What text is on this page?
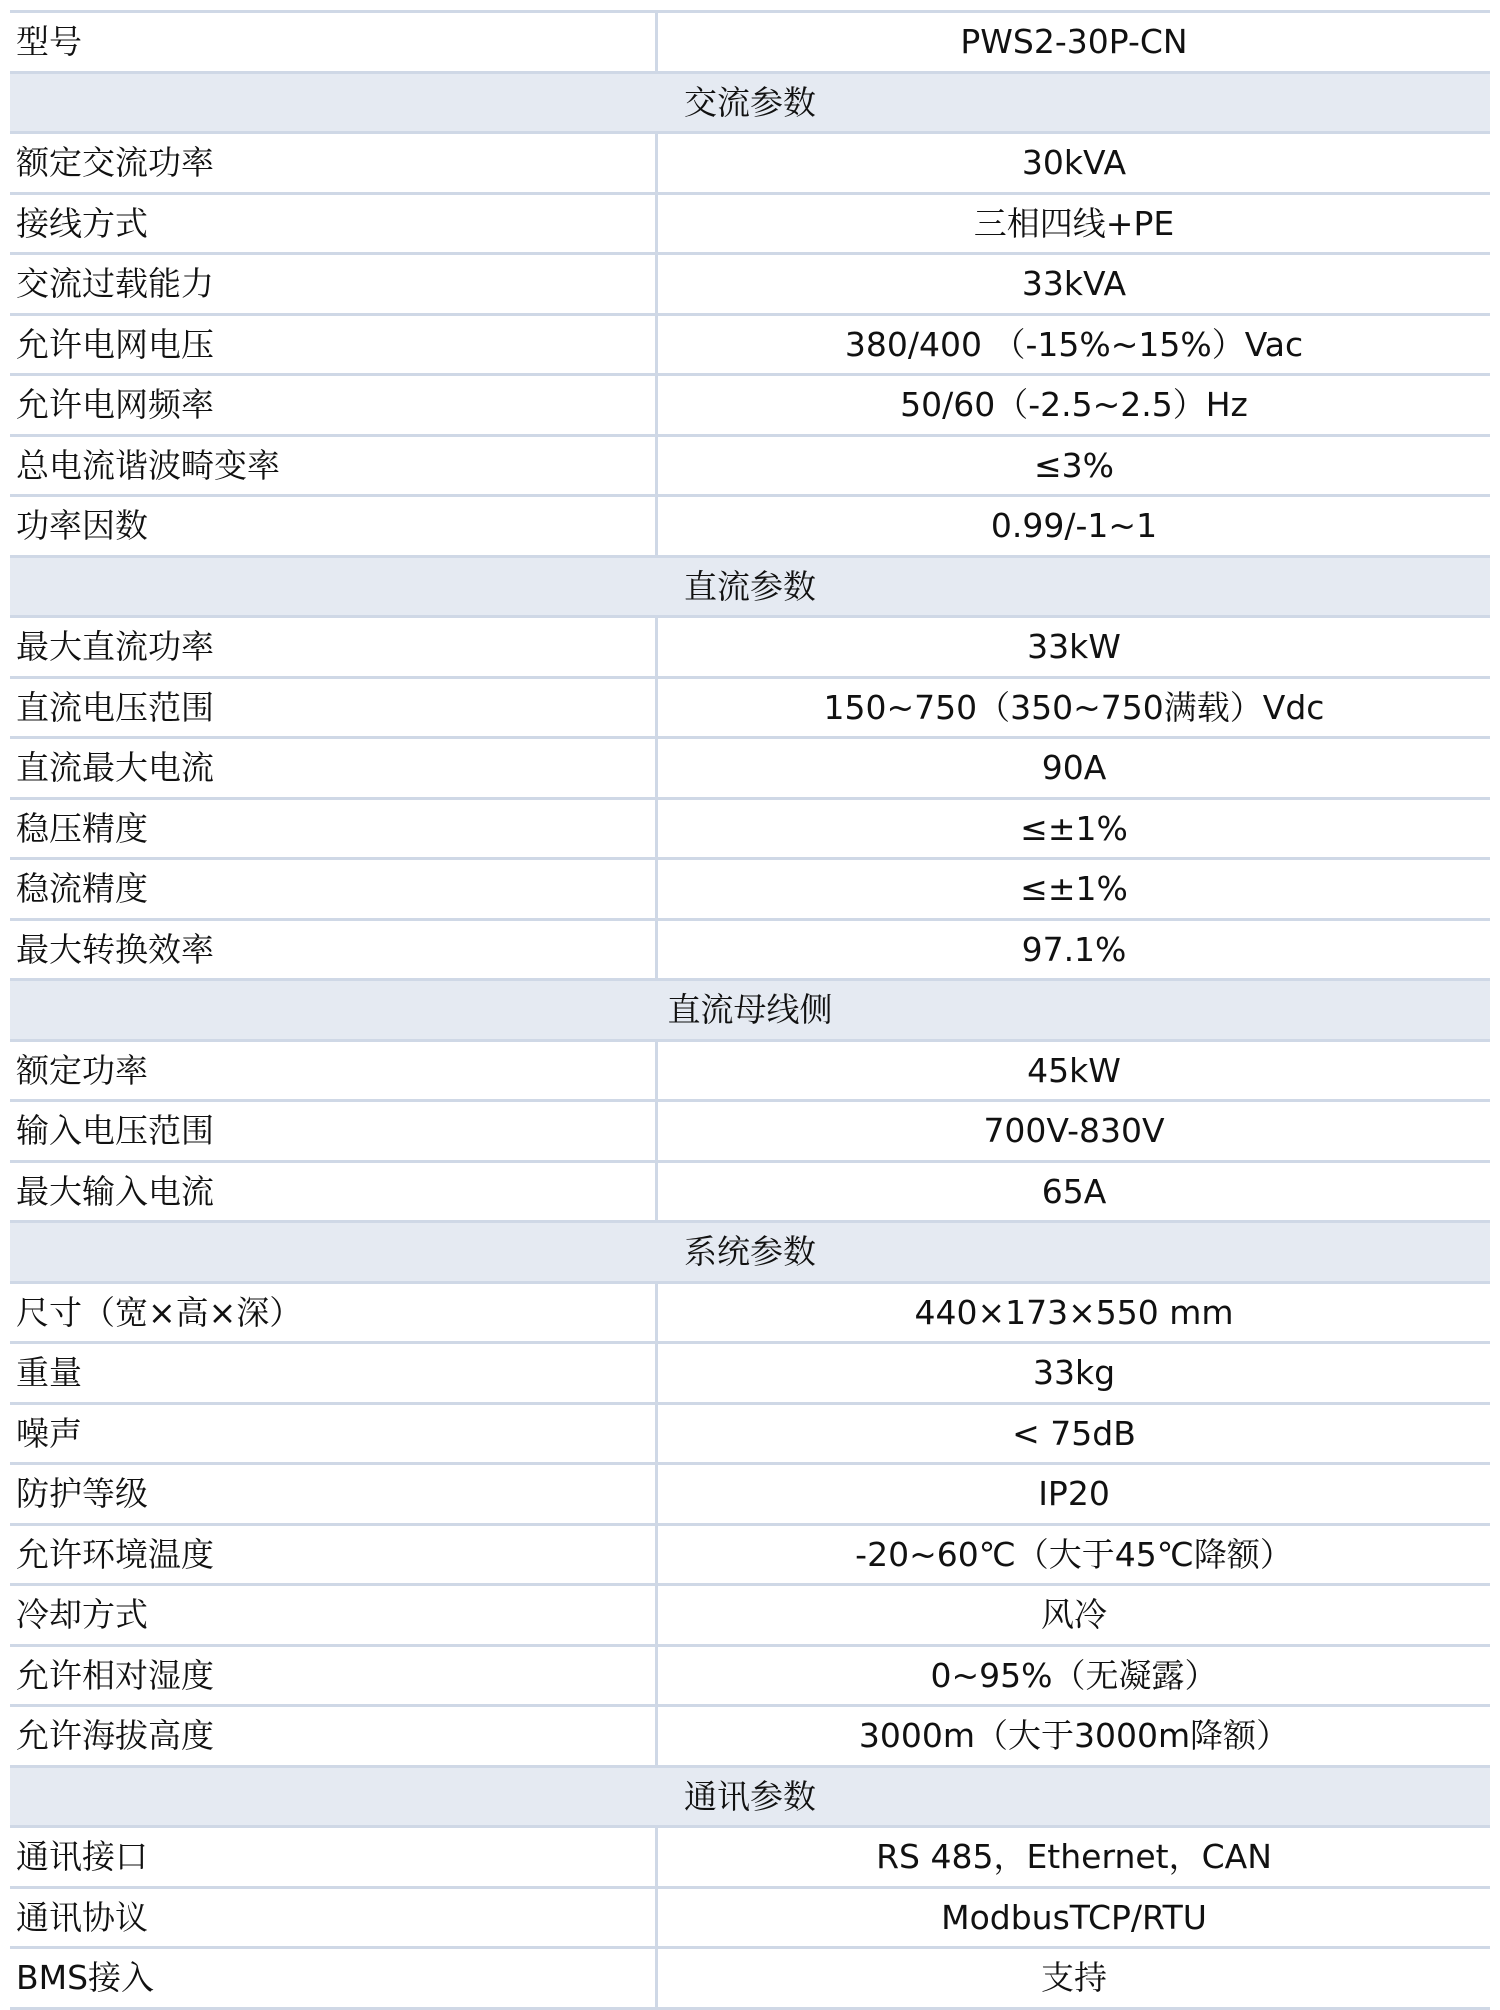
型号	PWS2-30P-CN
交流参数	
额定交流功率	30kVA
接线方式	三相四线+PE
交流过载能力	33kVA
允许电网电压	380/400 （-15%~15%）Vac
允许电网频率	50/60（-2.5~2.5）Hz
总电流谐波畸变率	≤3%
功率因数	0.99/-1~1
直流参数	
最大直流功率	33kW
直流电压范围	150~750（350~750满载）Vdc
直流最大电流	90A
稳压精度	≤±1%
稳流精度	≤±1%
最大转换效率	97.1%
直流母线侧	
额定功率	45kW
输入电压范围	700V-830V
最大输入电流	65A
系统参数	
尺寸（宽×高×深）	440×173×550 mm
重量	33kg
噪声	< 75dB
防护等级	IP20
允许环境温度	-20~60℃（大于45℃降额）
冷却方式	风冷
允许相对湿度	0~95%（无凝露）
允许海拔高度	3000m（大于3000m降额）
通讯参数	
通讯接口	RS 485，Ethernet，CAN
通讯协议	ModbusTCP/RTU
BMS接入	支持
